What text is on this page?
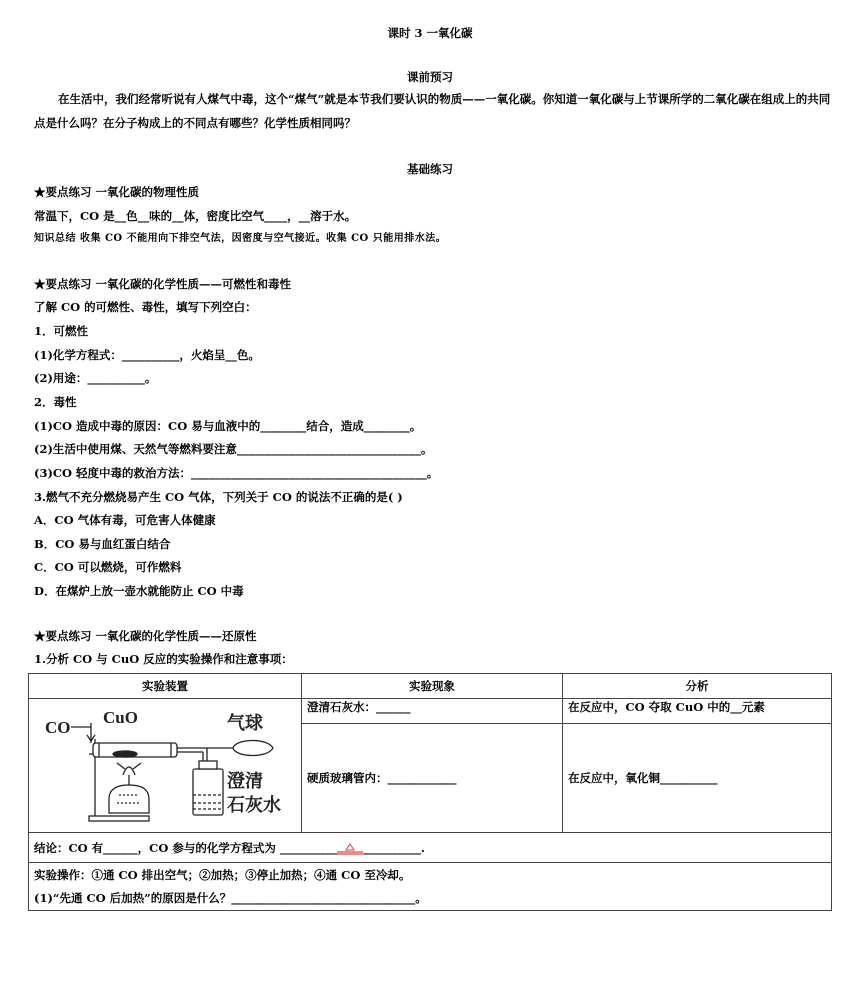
课时 3 一氧化碳
课前预习
在生活中，我们经常听说有人煤气中毒，这个“煤气”就是本节我们要认识的物质——一氧化碳。你知道一氧化碳与上节课所学的二氧化碳在组成上的共同点是什么吗？在分子构成上的不同点有哪些？化学性质相同吗？
基础练习
★要点练习 一氧化碳的物理性质
常温下，CO 是__色__味的__体，密度比空气____，__溶于水。
知识总结 收集 CO 不能用向下排空气法，因密度与空气接近。收集 CO 只能用排水法。
★要点练习 一氧化碳的化学性质——可燃性和毒性
了解 CO 的可燃性、毒性，填写下列空白：
1．可燃性
(1)化学方程式：__________，火焰呈__色。
(2)用途：__________。
2．毒性
(1)CO 造成中毒的原因：CO 易与血液中的________结合，造成________。
(2)生活中使用煤、天然气等燃料要注意________________________________。
(3)CO 轻度中毒的救治方法：_________________________________________。
3.燃气不充分燃烧易产生 CO 气体，下列关于 CO 的说法不正确的是( )
A．CO 气体有毒，可危害人体健康
B．CO 易与血红蛋白结合
C．CO 可以燃烧，可作燃料
D．在煤炉上放一壶水就能防止 CO 中毒
★要点练习 一氧化碳的化学性质——还原性
1.分析 CO 与 CuO 反应的实验操作和注意事项：
实验装置	实验现象	分析

CO
CuO 气球
澄清
石灰水	澄清石灰水：______	在反应中，CO 夺取 CuO 中的__元素
	硬质玻璃管内：____________	在反应中，氧化铜__________
结论：CO 有______，CO 参与的化学方程式为 __________ __________.		

实验操作：①通 CO 排出空气；②加热；③停止加热；④通 CO 至冷却。
(1)“先通 CO 后加热”的原因是什么？________________________________。		
